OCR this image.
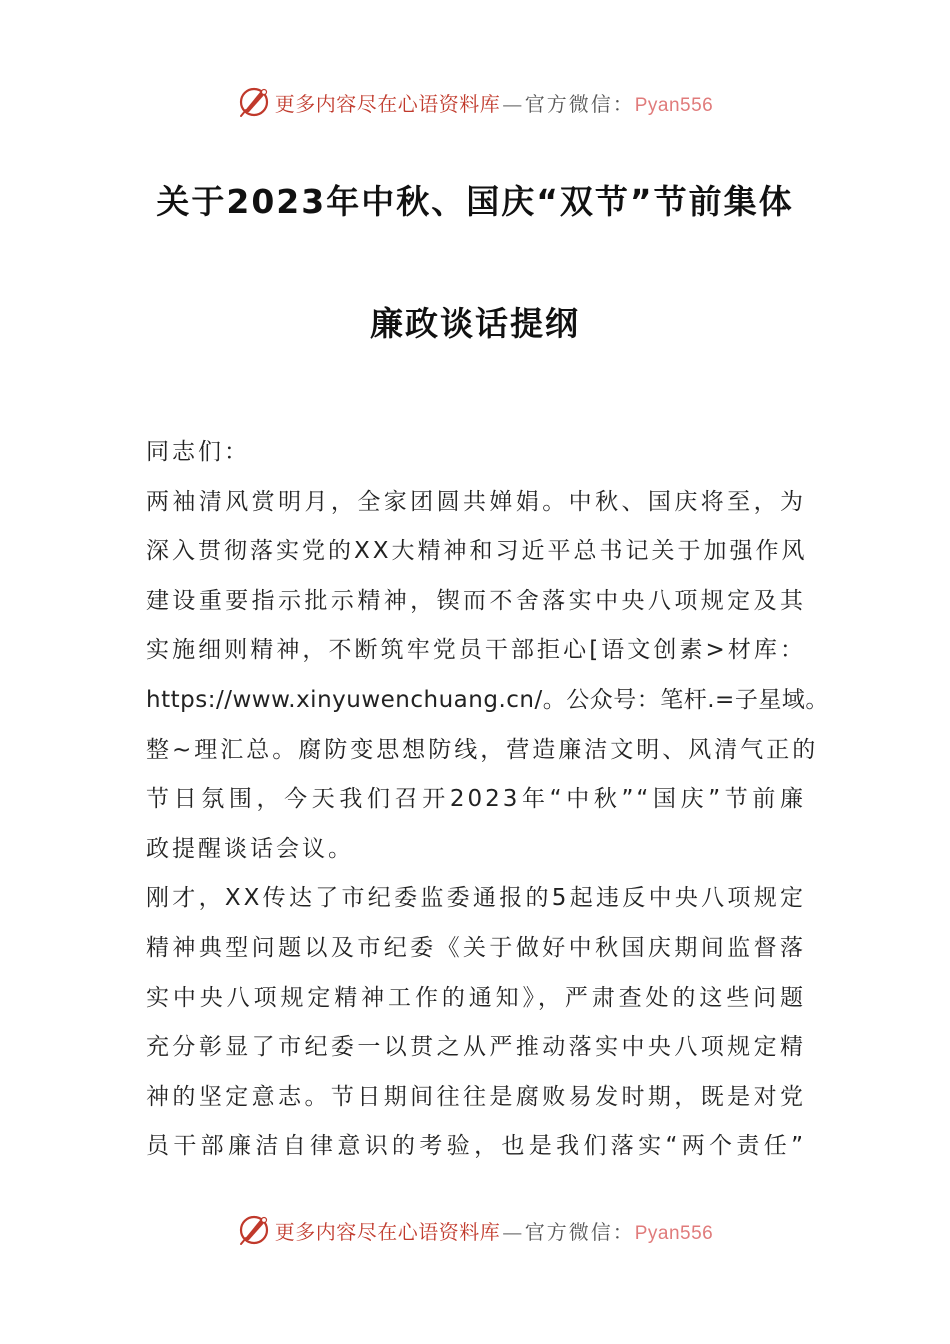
更多内容尽在心语资料库 — 官方微信：Pyan556
关于2023年中秋、国庆“双节”节前集体
廉政谈话提纲
同志们：
两袖清风赏明月，全家团圆共婵娟。中秋、国庆将至，为
深入贯彻落实党的XX大精神和习近平总书记关于加强作风
建设重要指示批示精神，锲而不舍落实中央八项规定及其
实施细则精神，不断筑牢党员干部拒心[语文创素>材库：
https://www.xinyuwenchuang.cn/。公众号：笔杆.=子星域。
整~理汇总。腐防变思想防线，营造廉洁文明、风清气正的
节日氛围，今天我们召开2023年“中秋”“国庆”节前廉
政提醒谈话会议。
刚才，XX传达了市纪委监委通报的5起违反中央八项规定
精神典型问题以及市纪委《关于做好中秋国庆期间监督落
实中央八项规定精神工作的通知》，严肃查处的这些问题
充分彰显了市纪委一以贯之从严推动落实中央八项规定精
神的坚定意志。节日期间往往是腐败易发时期，既是对党
员干部廉洁自律意识的考验，也是我们落实“两个责任”
更多内容尽在心语资料库 — 官方微信：Pyan556
